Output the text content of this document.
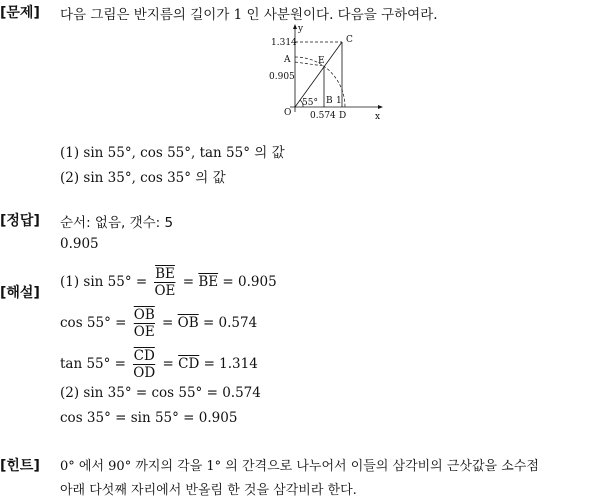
[문제] 다음 그림은 반지름의 길이가 1 인 사분원이다. 다음을 구하여라.
y
x
1.314
A
0.905
C
E
O
55° B 1
0.574 D
(1) sin 55°, cos 55°, tan 55° 의 값
(2) sin 35°, cos 35° 의 값
[정답] 순서: 없음, 갯수: 5
0.905
[해설]
(1) $\sin 55^\circ = \frac{\overline{BE}}{OE} = \overline{BE} = 0.905$
$\cos 55^\circ = \frac{\overline{OB}}{OE} = \overline{OB} = 0.574$
$\tan 55^\circ = \frac{\overline{CD}}{OD} = \overline{CD} = 1.314$
(2) sin 35° = cos 55° = 0.574
cos 35° = sin 55° = 0.905
[힌트] 0° 에서 90° 까지의 각을 1° 의 간격으로 나누어서 이들의 삼각비의 근삿값을 소수점
아래 다섯째 자리에서 반올림 한 것을 삼각비라 한다.
